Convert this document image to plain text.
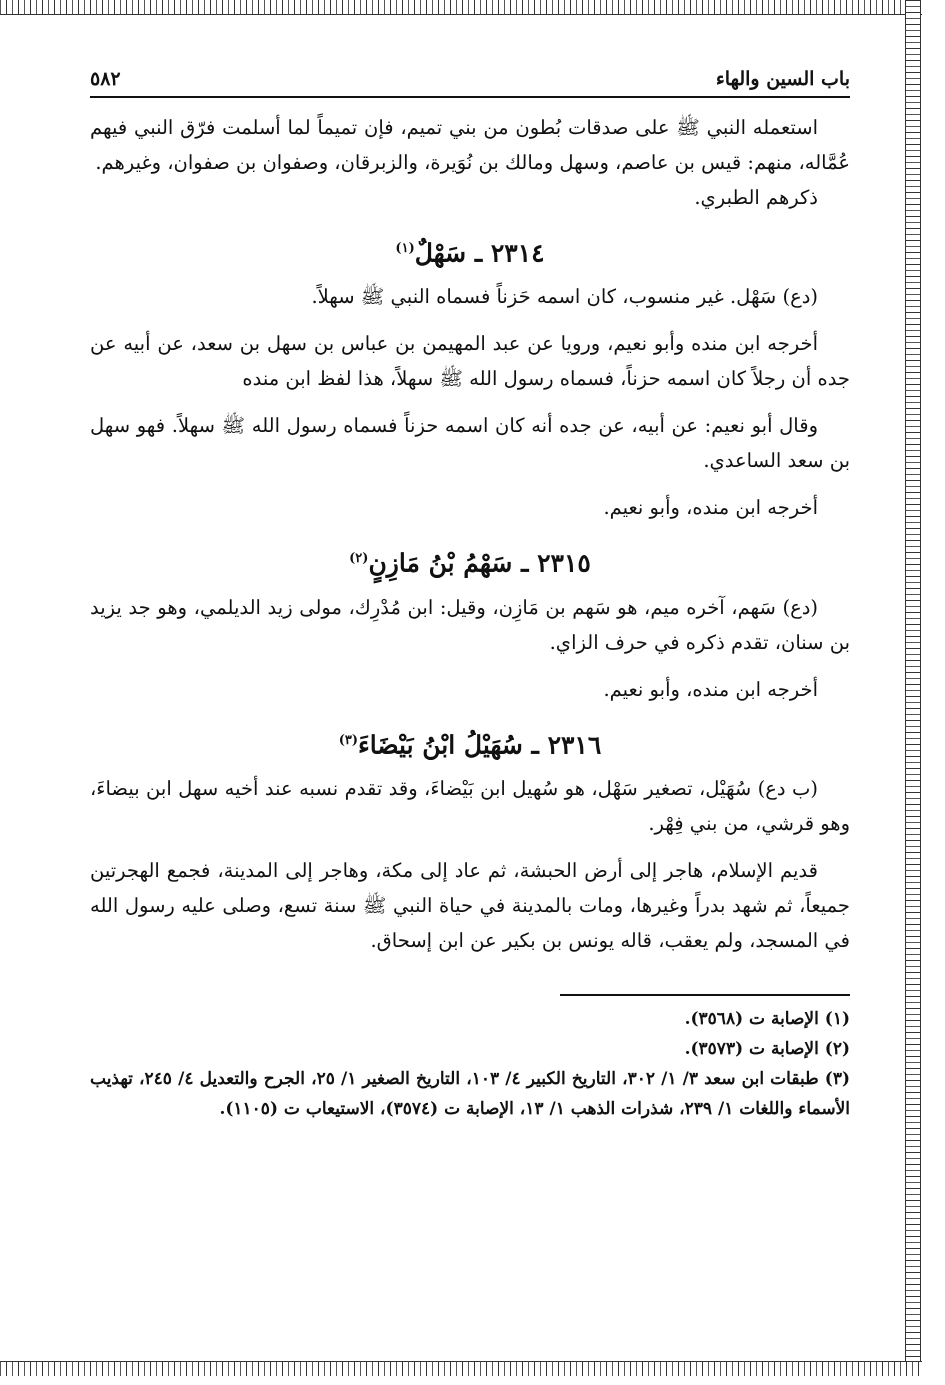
باب السين والهاء
٥٨٢

استعمله النبي ﷺ على صدقات بُطون من بني تميم، فإن تميماً لما أسلمت فرّق النبي فيهم عُمَّاله، منهم: قيس بن عاصم، وسهل ومالك بن نُوَيرة، والزبرقان، وصفوان بن صفوان، وغيرهم.

ذكرهم الطبري.

٢٣١٤ ـ سَهْلٌ$^{(١)}$

(دع) سَهْل. غير منسوب، كان اسمه حَزناً فسماه النبي ﷺ سهلاً.

أخرجه ابن منده وأبو نعيم، ورويا عن عبد المهيمن بن عباس بن سهل بن سعد، عن أبيه عن جده أن رجلاً كان اسمه حزناً، فسماه رسول الله ﷺ سهلاً، هذا لفظ ابن منده

وقال أبو نعيم: عن أبيه، عن جده أنه كان اسمه حزناً فسماه رسول الله ﷺ سهلاً. فهو سهل بن سعد الساعدي.

أخرجه ابن منده، وأبو نعيم.

٢٣١٥ ـ سَهْمُ بْنُ مَازِنٍ$^{(٢)}$

(دع) سَهم، آخره ميم، هو سَهم بن مَازِن، وقيل: ابن مُدْرِك، مولى زيد الديلمي، وهو جد يزيد بن سنان، تقدم ذكره في حرف الزاي.

أخرجه ابن منده، وأبو نعيم.

٢٣١٦ ـ سُهَيْلُ ابْنُ بَيْضَاءَ$^{(٣)}$

(ب دع) سُهَيْل، تصغير سَهْل، هو سُهيل ابن بَيْضاءَ، وقد تقدم نسبه عند أخيه سهل ابن بيضاءَ، وهو قرشي، من بني فِهْر.

قديم الإسلام، هاجر إلى أرض الحبشة، ثم عاد إلى مكة، وهاجر إلى المدينة، فجمع الهجرتين جميعاً، ثم شهد بدراً وغيرها، ومات بالمدينة في حياة النبي ﷺ سنة تسع، وصلى عليه رسول الله في المسجد، ولم يعقب، قاله يونس بن بكير عن ابن إسحاق.

(١) الإصابة ت (٣٥٦٨).

(٢) الإصابة ت (٣٥٧٣).

(٣) طبقات ابن سعد ٣/ ١/ ٣٠٢، التاريخ الكبير ٤/ ١٠٣، التاريخ الصغير ١/ ٢٥، الجرح والتعديل ٤/ ٢٤٥، تهذيب الأسماء واللغات ١/ ٢٣٩، شذرات الذهب ١/ ١٣، الإصابة ت (٣٥٧٤)، الاستيعاب ت (١١٠٥).
